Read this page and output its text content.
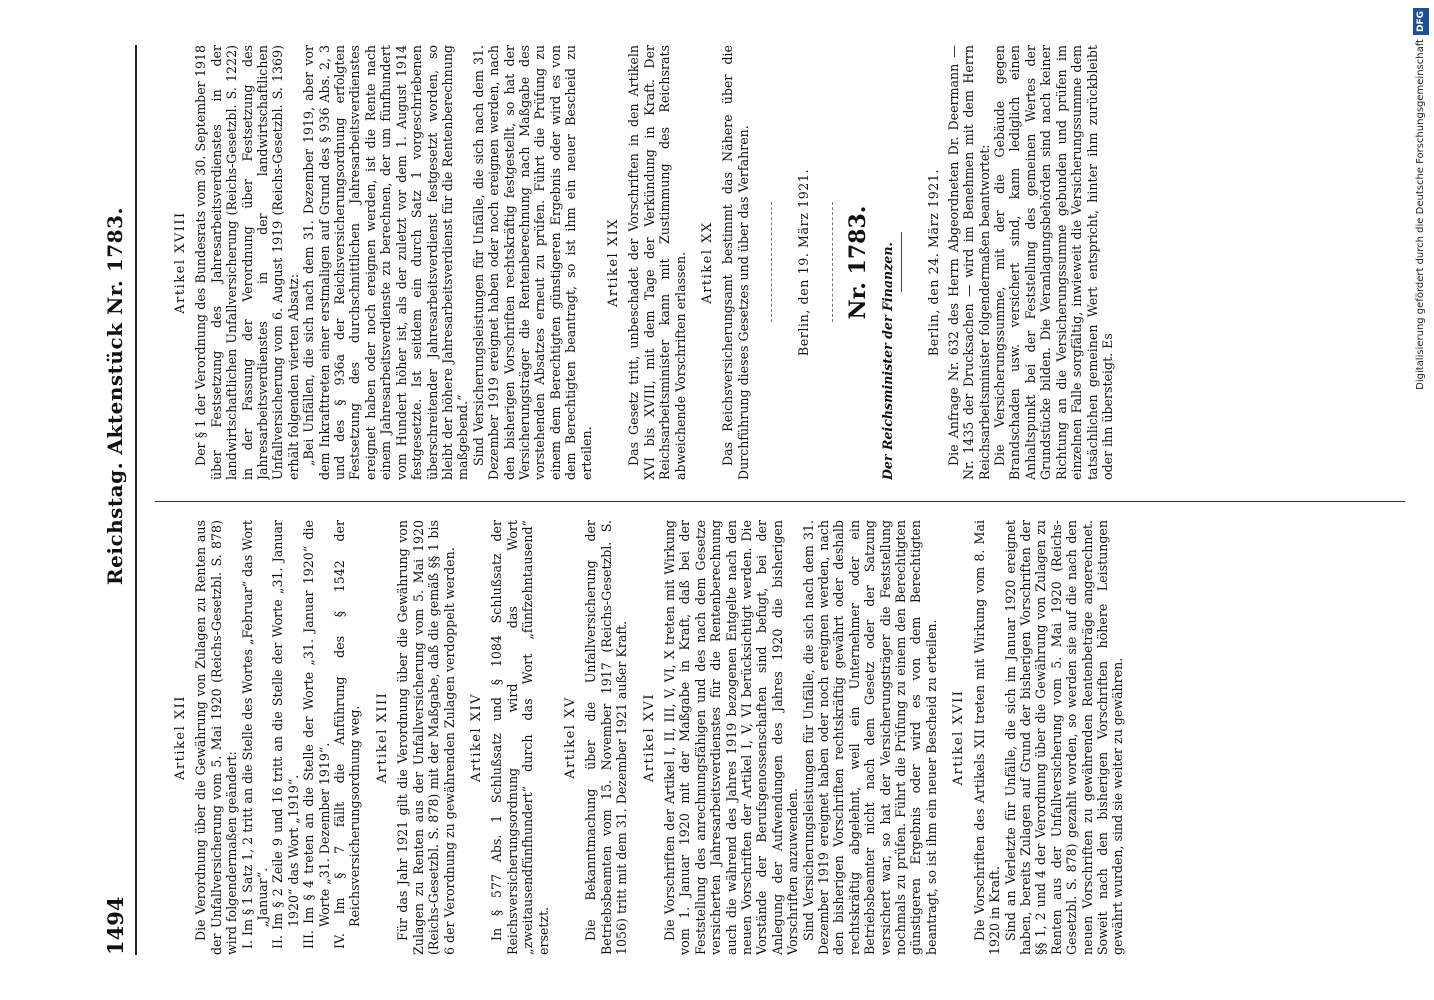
1494
Reichstag. Aktenstück Nr. 1783.
Artikel XII Die Verordnung über die Gewährung von Zulagen zu Renten aus der Unfallversicherung vom 5. Mai 1920 (Reichs-Gesetzbl. S. 878) wird folgendermaßen geändert: I. Im § 1 Satz 1, 2 tritt an die Stelle des Wortes „Februar“ das Wort „Januar“. II. Im § 2 Zeile 9 und 16 tritt an die Stelle der Worte „31. Januar 1920“ das Wort „1919“. III. Im § 4 treten an die Stelle der Worte „31. Januar 1920“ die Worte „31. Dezember 1919“. IV. Im § 7 fällt die Anführung des § 1542 der Reichsversicherungsordnung weg. Artikel XIII Für das Jahr 1921 gilt die Verordnung über die Gewährung von Zulagen zu Renten aus der Unfallversicherung vom 5. Mai 1920 (Reichs-Gesetzbl. S. 878) mit der Maßgabe, daß die gemäß §§ 1 bis 6 der Verordnung zu gewährenden Zulagen verdoppelt werden. Artikel XIV In § 577 Abs. 1 Schlußsatz und § 1084 Schlußsatz der Reichsversicherungsordnung wird das Wort „zweitausendfünfhundert“ durch das Wort „fünfzehntausend“ ersetzt.

Artikel XV Die Bekanntmachung über die Unfallversicherung der Betriebsbeamten vom 15. November 1917 (Reichs-Gesetzbl. S. 1056) tritt mit dem 31. Dezember 1921 außer Kraft. Artikel XVI Die Vorschriften der Artikel I, II, III, V, VI, X treten mit Wirkung vom 1. Januar 1920 mit der Maßgabe in Kraft, daß bei der Feststellung des anrechnungsfähigen und des nach dem Gesetze versicherten Jahresarbeitsverdienstes für die Rentenberechnung auch die während des Jahres 1919 bezogenen Entgelte nach den neuen Vorschriften der Artikel I, V, VI berücksichtigt werden. Die Vorstände der Berufsgenossenschaften sind befugt, bei der Anlegung der Aufwendungen des Jahres 1920 die bisherigen Vorschriften anzuwenden. Sind Versicherungsleistungen für Unfälle, die sich nach dem 31. Dezember 1919 ereignet haben oder noch ereignen werden, nach den bisherigen Vorschriften rechtskräftig gewährt oder deshalb rechtskräftig abgelehnt, weil ein Unternehmer oder ein Betriebsbeamter nicht nach dem Gesetz oder der Satzung versichert war, so hat der Versicherungsträger die Feststellung nochmals zu prüfen. Führt die Prüfung zu einem den Berechtigten günstigeren Ergebnis oder wird es von dem Berechtigten beantragt, so ist ihm ein neuer Bescheid zu erteilen. Artikel XVII Die Vorschriften des Artikels XII treten mit Wirkung vom 8. Mai 1920 in Kraft. Sind an Verletzte für Unfälle, die sich im Januar 1920 ereignet haben, bereits Zulagen auf Grund der bisherigen Vorschriften der §§ 1, 2 und 4 der Verordnung über die Gewährung von Zulagen zu Renten aus der Unfallversicherung vom 5. Mai 1920 (Reichs-Gesetzbl. S. 878) gezahlt worden, so werden sie auf die nach den neuen Vorschriften zu gewährenden Rentenbeträge angerechnet. Soweit nach den bisherigen Vorschriften höhere Leistungen gewährt wurden, sind sie weiter zu gewähren.

Artikel XVIII Der § 1 der Verordnung des Bundesrats vom 30. September 1918 über Festsetzung des Jahresarbeitsverdienstes in der landwirtschaftlichen Unfallversicherung (Reichs-Gesetzbl. S. 1222) in der Fassung der Verordnung über Festsetzung des Jahresarbeitsverdienstes in der landwirtschaftlichen Unfallversicherung vom 6. August 1919 (Reichs-Gesetzbl. S. 1369) erhält folgenden vierten Absatz: „Bei Unfällen, die sich nach dem 31. Dezember 1919, aber vor dem Inkrafttreten einer erstmaligen auf Grund des § 936 Abs. 2, 3 und des § 936a der Reichsversicherungsordnung erfolgten Festsetzung des durchschnittlichen Jahresarbeitsverdienstes ereignet haben oder noch ereignen werden, ist die Rente nach einem Jahresarbeitsverdienste zu berechnen, der um fünfhundert vom Hundert höher ist, als der zuletzt vor dem 1. August 1914 festgesetzte. Ist seitdem ein durch Satz 1 vorgeschriebenen überschreitender Jahresarbeitsverdienst festgesetzt worden, so bleibt der höhere Jahresarbeitsverdienst für die Rentenberechnung maßgebend.“ Sind Versicherungsleistungen für Unfälle, die sich nach dem 31. Dezember 1919 ereignet haben oder noch ereignen werden, nach den bisherigen Vorschriften rechtskräftig festgestellt, so hat der Versicherungsträger die Rentenberechnung nach Maßgabe des vorstehenden Absatzes erneut zu prüfen. Führt die Prüfung zu einem dem Berechtigten günstigeren Ergebnis oder wird es von dem Berechtigten beantragt, so ist ihm ein neuer Bescheid zu erteilen.

Artikel XIX Das Gesetz tritt, unbeschadet der Vorschriften in den Artikeln XVI bis XVIII, mit dem Tage der Verkündung in Kraft. Der Reichsarbeitsminister kann mit Zustimmung des Reichsrats abweichende Vorschriften erlassen. Artikel XX Das Reichsversicherungsamt bestimmt das Nähere über die Durchführung dieses Gesetzes und über das Verfahren.	Berlin, den 19. März 1921. Nr. 1783. Der Reichsminister der Finanzen. Berlin, den 24. März 1921. Die Anfrage Nr. 632 des Herrn Abgeordneten Dr. Deermann — Nr. 1435 der Drucksachen — wird im Benehmen mit dem Herrn Reichsarbeitsminister folgendermaßen beantwortet: Die Versicherungssumme, mit der die Gebäude gegen Brandschaden usw. versichert sind, kann lediglich einen Anhaltspunkt bei der Feststellung des gemeinen Wertes der Grundstücke bilden. Die Veranlagungsbehörden sind nach keiner Richtung an die Versicherungssumme gebunden und prüfen im einzelnen Falle sorgfältig, inwieweit die Versicherungssumme dem tatsächlichen gemeinen Wert entspricht, hinter ihm zurückbleibt oder ihn übersteigt. Es

Digitalisierung gefördert durch die Deutsche ForschungsgemeinschaftDFG
